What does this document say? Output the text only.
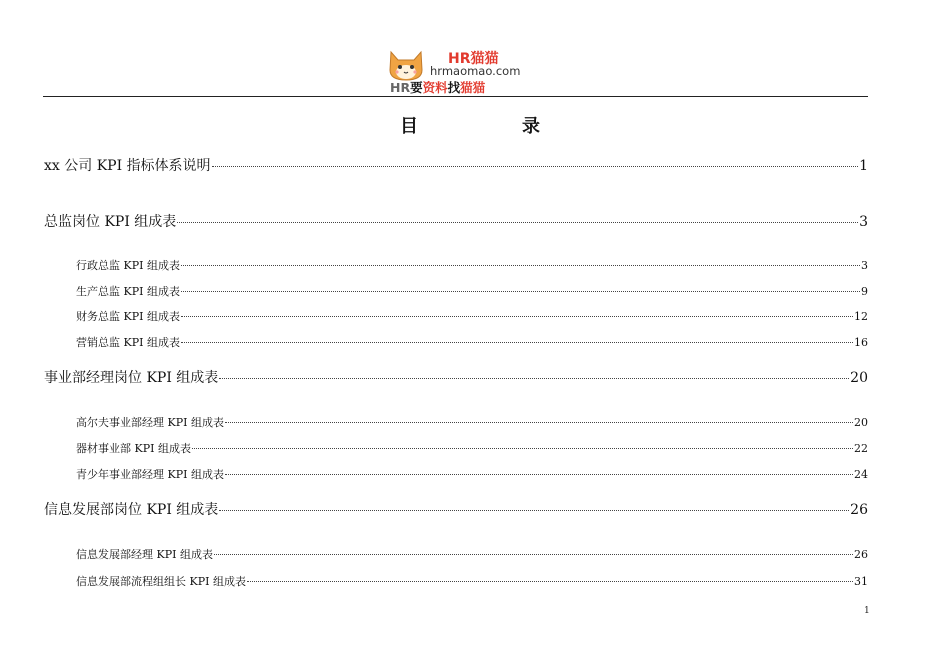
HR猫猫
hrmaomao.com
HR要资料找猫猫
目	录
xx 公司 KPI 指标体系说明	1
总监岗位 KPI 组成表	3
行政总监 KPI 组成表	3
生产总监 KPI 组成表	9
财务总监 KPI 组成表	12
营销总监 KPI 组成表	16
事业部经理岗位 KPI 组成表	20
高尔夫事业部经理 KPI 组成表	20
器材事业部 KPI 组成表	22
青少年事业部经理 KPI 组成表	24
信息发展部岗位 KPI 组成表	26
信息发展部经理 KPI 组成表	26
信息发展部流程组组长 KPI 组成表	31
1
